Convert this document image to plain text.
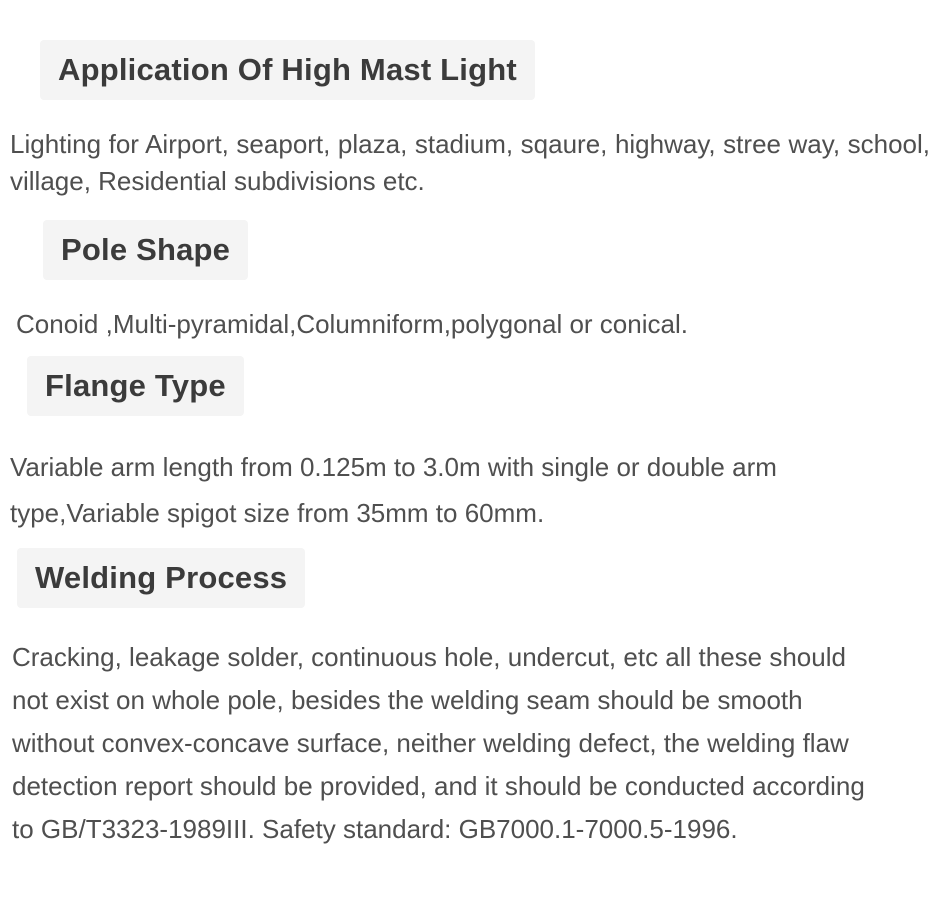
Application Of High Mast Light

Lighting for Airport, seaport, plaza, stadium, sqaure, highway, stree way, school, village, Residential subdivisions etc.

Pole Shape

Conoid ,Multi-pyramidal,Columniform,polygonal or conical.

Flange Type

Variable arm length from 0.125m to 3.0m with single or double arm type,Variable spigot size from 35mm to 60mm.

Welding Process

Cracking, leakage solder, continuous hole, undercut, etc all these should not exist on whole pole, besides the welding seam should be smooth without convex-concave surface, neither welding defect, the welding flaw detection report should be provided, and it should be conducted according to GB/T3323-1989III. Safety standard: GB7000.1-7000.5-1996.
